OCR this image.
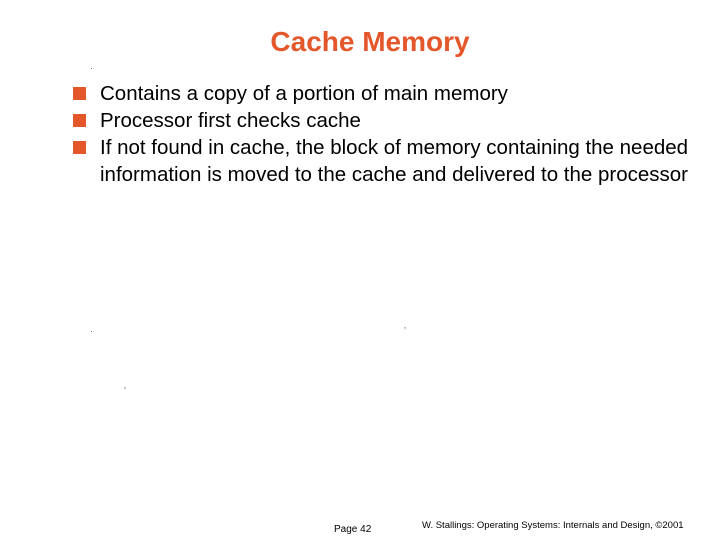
Cache Memory
·
Contains a copy of a portion of main memory
Processor first checks cache
If not found in cache, the block of memory containing the needed information is moved to the cache and delivered to the processor
·	ʼ
ʼ
Page 42	W. Stallings: Operating Systems: Internals and Design, ©2001
